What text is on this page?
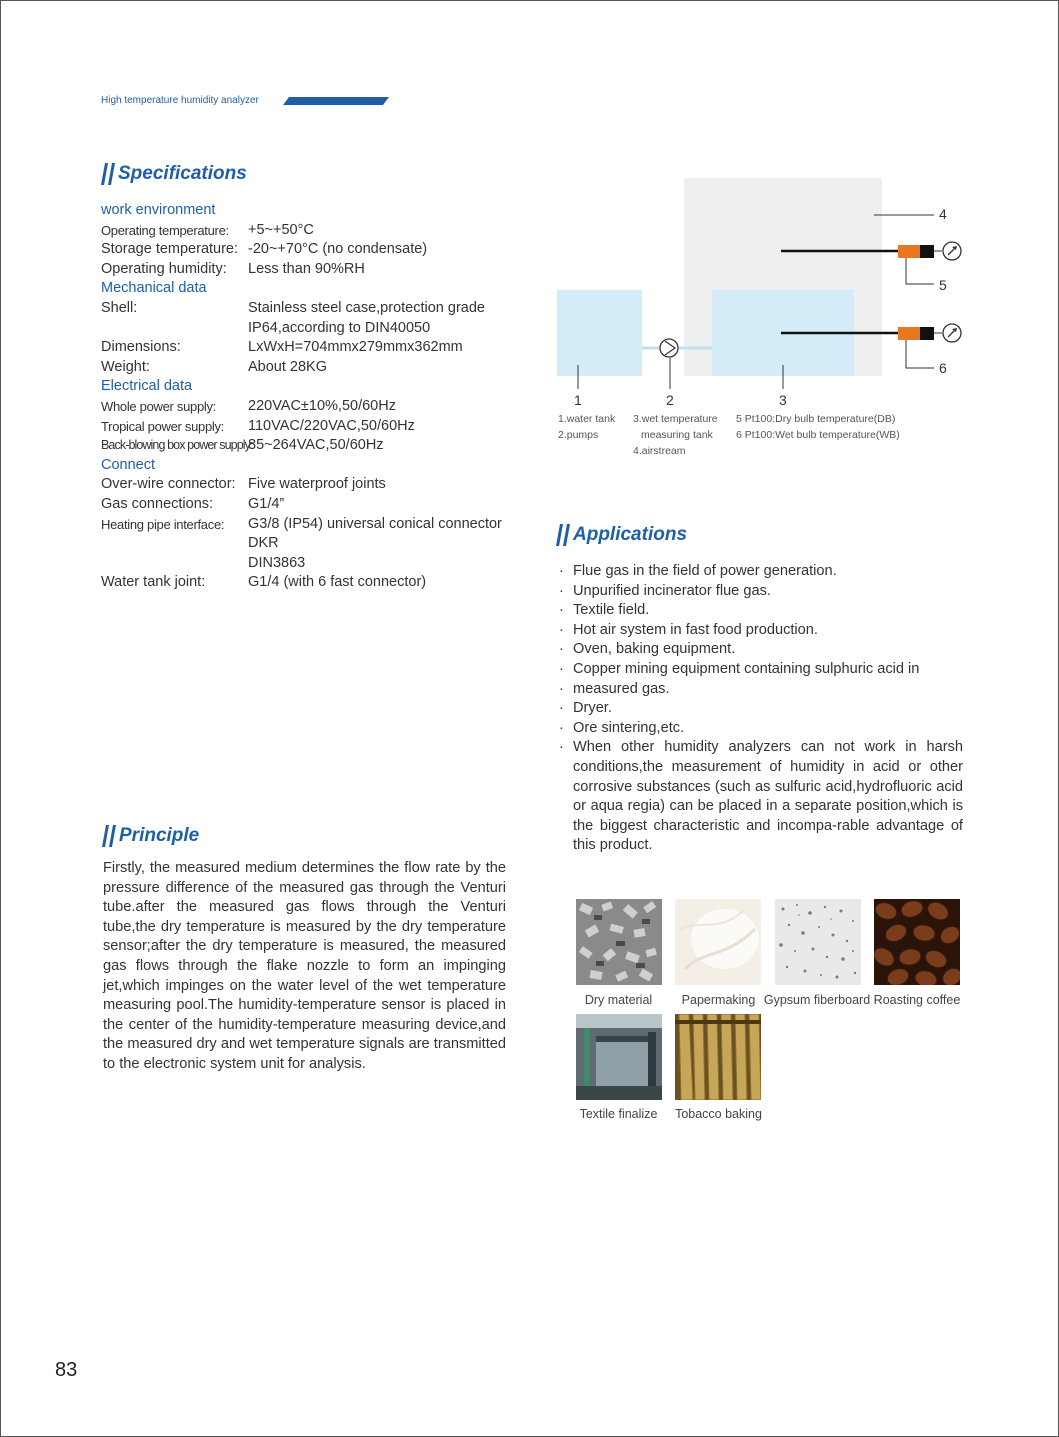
High temperature humidity analyzer
Specifications
work environment
Operating temperature: +5~+50°C
Storage temperature: -20~+70°C (no condensate)
Operating humidity: Less than 90%RH
Mechanical data
Shell:	Stainless steel case,protection grade
IP64,according to DIN40050
Dimensions:	LxWxH=704mmx279mmx362mm
Weight:	About 28KG
Electrical data
Whole power supply: 220VAC±10%,50/60Hz
Tropical power supply: 110VAC/220VAC,50/60Hz
Back-blowing box power supply:
85~264VAC,50/60Hz
Connect
Over-wire connector: Five waterproof joints
Gas connections: G1/4”
Heating pipe interface: G3/8 (IP54) universal conical connector
DKR
DIN3863
Water tank joint:	G1/4 (with 6 fast connector)
4
5
6
1	2	3
1.water tank
2.pumps
3.wet temperature
measuring tank
4.airstream
5 Pt100:Dry bulb temperature(DB)
6 Pt100:Wet bulb temperature(WB)
Applications
· Flue gas in the field of power generation.
· Unpurified incinerator flue gas.
· Textile field.
· Hot air system in fast food production.
· Oven, baking equipment.
· Copper mining equipment containing sulphuric acid in
· measured gas.
· Dryer.
· Ore sintering,etc.
· When other humidity analyzers can not work in harsh conditions,the measurement of humidity in acid or other corrosive substances (such as sulfuric acid,hydrofluoric acid or aqua regia) can be placed in a separate position,which is the biggest characteristic and incompa-rable advantage of this product.
Principle
Firstly, the measured medium determines the flow rate by the pressure difference of the measured gas through the Venturi tube.after the measured gas flows through the Venturi tube,the dry temperature is measured by the dry temperature sensor;after the dry temperature is measured, the measured gas flows through the flake nozzle to form an impinging jet,which impinges on the water level of the wet temperature measuring pool.The humidity-temperature sensor is placed in the center of the humidity-temperature measuring device,and the measured dry and wet temperature signals are transmitted to the electronic system unit for analysis.
Dry material	Papermaking Gypsum fiberboard Roasting coffee
Textile finalize	Tobacco baking
83
